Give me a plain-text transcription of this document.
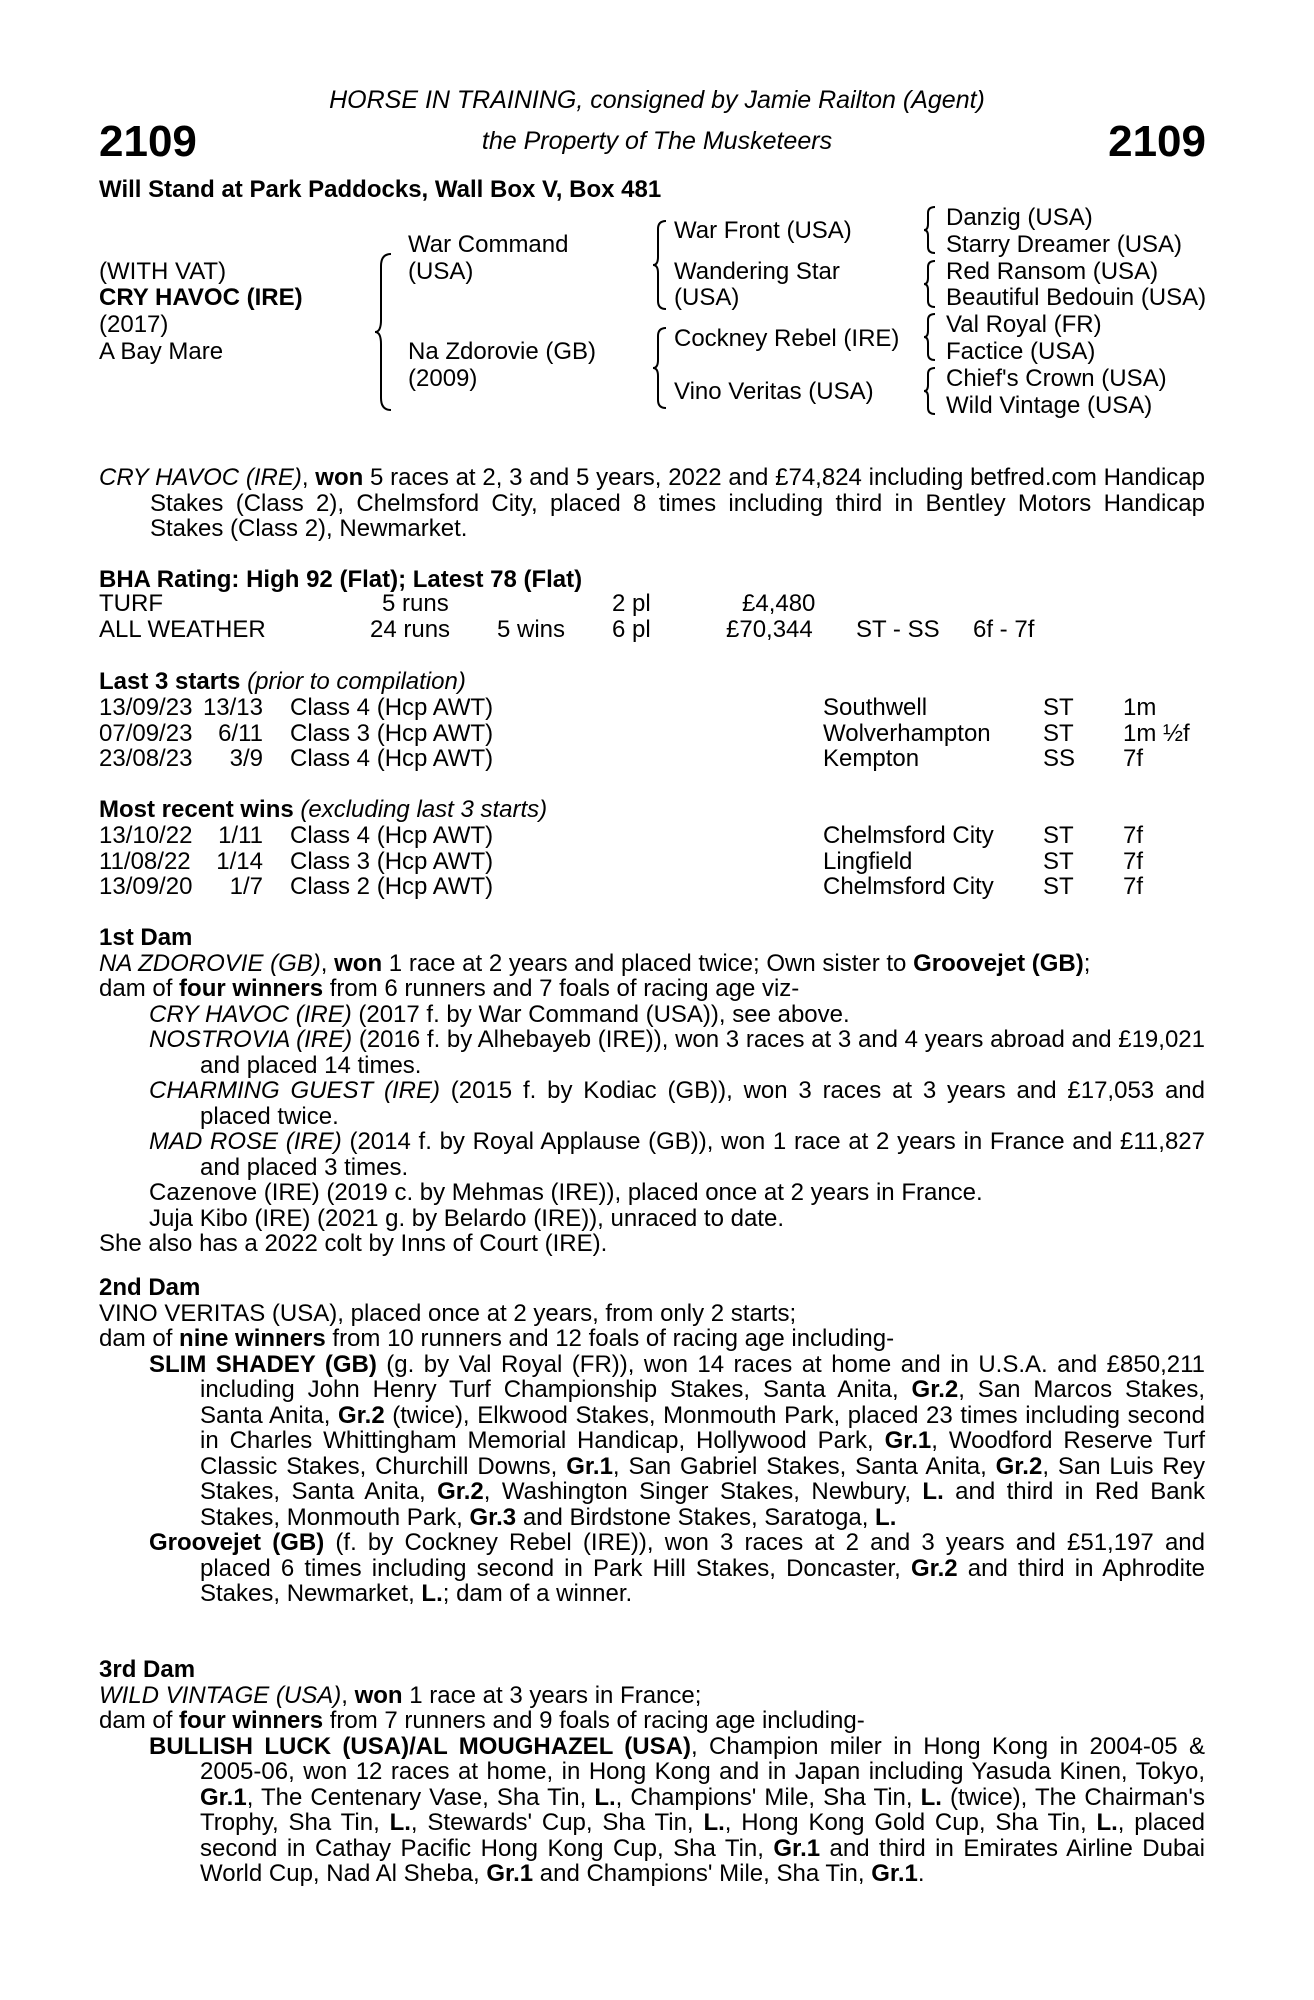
2109	2109
HORSE IN TRAINING, consigned by Jamie Railton (Agent)
the Property of The Musketeers
Will Stand at Park Paddocks, Wall Box V, Box 481
(WITH VAT)
CRY HAVOC (IRE)
(2017)
A Bay Mare
War Command
(USA)
Na Zdorovie (GB)
(2009)
War Front (USA)
Wandering Star
(USA)
Cockney Rebel (IRE)
Vino Veritas (USA)
Danzig (USA)
Starry Dreamer (USA)
Red Ransom (USA)
Beautiful Bedouin (USA)
Val Royal (FR)
Factice (USA)
Chief's Crown (USA)
Wild Vintage (USA)
CRY HAVOC (IRE), won 5 races at 2, 3 and 5 years, 2022 and £74,824 including betfred.com Handicap Stakes (Class 2), Chelmsford City, placed 8 times including third in Bentley Motors Handicap Stakes (Class 2), Newmarket.
BHA Rating: High 92 (Flat); Latest 78 (Flat)
TURF	5 runs	2 pl	£4,480
ALL WEATHER	24 runs 5 wins 6 pl	£70,344 ST - SS 6f - 7f
Last 3 starts (prior to compilation)
13/09/23 13/13 Class 4 (Hcp AWT)	Southwell	ST 1m
07/09/23 6/11 Class 3 (Hcp AWT)	Wolverhampton ST 1m ½f
23/08/23 3/9 Class 4 (Hcp AWT)	Kempton	SS 7f
Most recent wins (excluding last 3 starts)
13/10/22 1/11 Class 4 (Hcp AWT)	Chelmsford City ST 7f
11/08/22 1/14 Class 3 (Hcp AWT)	Lingfield	ST 7f
13/09/20 1/7 Class 2 (Hcp AWT)	Chelmsford City ST 7f
1st Dam
NA ZDOROVIE (GB), won 1 race at 2 years and placed twice; Own sister to Groovejet (GB);
dam of four winners from 6 runners and 7 foals of racing age viz-
CRY HAVOC (IRE) (2017 f. by War Command (USA)), see above.
NOSTROVIA (IRE) (2016 f. by Alhebayeb (IRE)), won 3 races at 3 and 4 years abroad and £19,021 and placed 14 times.
CHARMING GUEST (IRE) (2015 f. by Kodiac (GB)), won 3 races at 3 years and £17,053 and placed twice.
MAD ROSE (IRE) (2014 f. by Royal Applause (GB)), won 1 race at 2 years in France and £11,827 and placed 3 times.
Cazenove (IRE) (2019 c. by Mehmas (IRE)), placed once at 2 years in France.
Juja Kibo (IRE) (2021 g. by Belardo (IRE)), unraced to date.
She also has a 2022 colt by Inns of Court (IRE).
2nd Dam
VINO VERITAS (USA), placed once at 2 years, from only 2 starts;
dam of nine winners from 10 runners and 12 foals of racing age including-
SLIM SHADEY (GB) (g. by Val Royal (FR)), won 14 races at home and in U.S.A. and £850,211 including John Henry Turf Championship Stakes, Santa Anita, Gr.2, San Marcos Stakes, Santa Anita, Gr.2 (twice), Elkwood Stakes, Monmouth Park, placed 23 times including second in Charles Whittingham Memorial Handicap, Hollywood Park, Gr.1, Woodford Reserve Turf Classic Stakes, Churchill Downs, Gr.1, San Gabriel Stakes, Santa Anita, Gr.2, San Luis Rey Stakes, Santa Anita, Gr.2, Washington Singer Stakes, Newbury, L. and third in Red Bank Stakes, Monmouth Park, Gr.3 and Birdstone Stakes, Saratoga, L.
Groovejet (GB) (f. by Cockney Rebel (IRE)), won 3 races at 2 and 3 years and £51,197 and placed 6 times including second in Park Hill Stakes, Doncaster, Gr.2 and third in Aphrodite Stakes, Newmarket, L.; dam of a winner.
3rd Dam
WILD VINTAGE (USA), won 1 race at 3 years in France;
dam of four winners from 7 runners and 9 foals of racing age including-
BULLISH LUCK (USA)/AL MOUGHAZEL (USA), Champion miler in Hong Kong in 2004-05 & 2005-06, won 12 races at home, in Hong Kong and in Japan including Yasuda Kinen, Tokyo, Gr.1, The Centenary Vase, Sha Tin, L., Champions' Mile, Sha Tin, L. (twice), The Chairman's Trophy, Sha Tin, L., Stewards' Cup, Sha Tin, L., Hong Kong Gold Cup, Sha Tin, L., placed second in Cathay Pacific Hong Kong Cup, Sha Tin, Gr.1 and third in Emirates Airline Dubai World Cup, Nad Al Sheba, Gr.1 and Champions' Mile, Sha Tin, Gr.1.
